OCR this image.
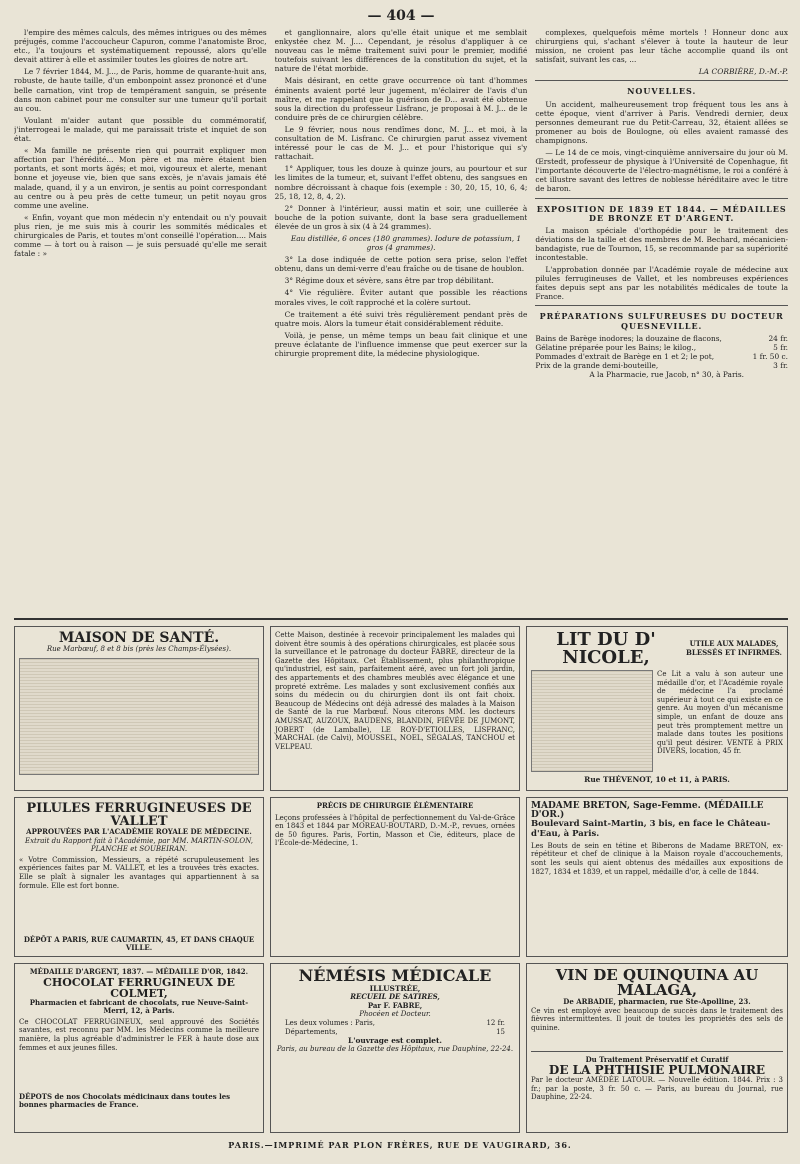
— 404 —

l'empire des mêmes calculs, des mêmes intrigues ou des mêmes préjugés, comme l'accoucheur Capuron, comme l'anatomiste Broc, etc., l'a toujours et systématiquement repoussé, alors qu'elle devait attirer à elle et assimiler toutes les gloires de notre art.

Le 7 février 1844, M. J..., de Paris, homme de quarante-huit ans, robuste, de haute taille, d'un embonpoint assez prononcé et d'une belle carnation, vint trop de tempérament sanguin, se présente dans mon cabinet pour me consulter sur une tumeur qu'il portait au cou.

Voulant m'aider autant que possible du commémoratif, j'interrogeai le malade, qui me paraissait triste et inquiet de son état.

« Ma famille ne présente rien qui pourrait expliquer mon affection par l'hérédité... Mon père et ma mère étaient bien portants, et sont morts âgés; et moi, vigoureux et alerte, menant bonne et joyeuse vie, bien que sans excès, je n'avais jamais été malade, quand, il y a un environ, je sentis au point correspondant au centre ou à peu près de cette tumeur, un petit noyau gros comme une aveline.

« Enfin, voyant que mon médecin n'y entendait ou n'y pouvait plus rien, je me suis mis à courir les sommités médicales et chirurgicales de Paris, et toutes m'ont conseillé l'opération.... Mais comme — à tort ou à raison — je suis persuadé qu'elle me serait fatale : »

et ganglionnaire, alors qu'elle était unique et me semblait enkystée chez M. J.... Cependant, je résolus d'appliquer à ce nouveau cas le même traitement suivi pour le premier, modifié toutefois suivant les différences de la constitution du sujet, et la nature de l'état morbide.

Mais désirant, en cette grave occurrence où tant d'hommes éminents avaient porté leur jugement, m'éclairer de l'avis d'un maître, et me rappelant que la guérison de D... avait été obtenue sous la direction du professeur Lisfranc, je proposai à M. J... de le conduire près de ce chirurgien célèbre.

Le 9 février, nous nous rendîmes donc, M. J... et moi, à la consultation de M. Lisfranc. Ce chirurgien parut assez vivement intéressé pour le cas de M. J... et pour l'historique qui s'y rattachait.

1° Appliquer, tous les douze à quinze jours, au pourtour et sur les limites de la tumeur, et, suivant l'effet obtenu, des sangsues en nombre décroissant à chaque fois (exemple : 30, 20, 15, 10, 6, 4; 25, 18, 12, 8, 4, 2).

2° Donner à l'intérieur, aussi matin et soir, une cuillerée à bouche de la potion suivante, dont la base sera graduellement élevée de un gros à six (4 à 24 grammes).

Eau distillée, 6 onces (180 grammes). Iodure de potassium, 1 gros (4 grammes).

3° La dose indiquée de cette potion sera prise, selon l'effet obtenu, dans un demi-verre d'eau fraîche ou de tisane de houblon.

3° Régime doux et sévère, sans être par trop débilitant.

4° Vie régulière. Éviter autant que possible les réactions morales vives, le coït rapproché et la colère surtout.

Ce traitement a été suivi très régulièrement pendant près de quatre mois. Alors la tumeur était considérablement réduite.

Voilà, je pense, un même temps un beau fait clinique et une preuve éclatante de l'influence immense que peut exercer sur la chirurgie proprement dite, la médecine physiologique.

complexes, quelquefois même mortels ! Honneur donc aux chirurgiens qui, s'achant s'élever à toute la hauteur de leur mission, ne croient pas leur tâche accomplie quand ils ont satisfait, suivant les cas, ...

LA CORBIÈRE, D.-M.-P.
NOUVELLES.

Un accident, malheureusement trop fréquent tous les ans à cette époque, vient d'arriver à Paris. Vendredi dernier, deux personnes demeurant rue du Petit-Carreau, 32, étaient allées se promener au bois de Boulogne, où elles avaient ramassé des champignons.

— Le 14 de ce mois, vingt-cinquième anniversaire du jour où M. Œrstedt, professeur de physique à l'Université de Copenhague, fit l'importante découverte de l'électro-magnétisme, le roi a conféré à cet illustre savant des lettres de noblesse héréditaire avec le titre de baron.

EXPOSITION DE 1839 ET 1844. — MÉDAILLES DE BRONZE ET D'ARGENT.

La maison spéciale d'orthopédie pour le traitement des déviations de la taille et des membres de M. Bechard, mécanicien-bandagiste, rue de Tournon, 15, se recommande par sa supériorité incontestable.

L'approbation donnée par l'Académie royale de médecine aux pilules ferrugineuses de Vallet, et les nombreuses expériences faites depuis sept ans par les notabilités médicales de toute la France.

PRÉPARATIONS SULFUREUSES DU DOCTEUR QUESNEVILLE.
Bains de Barège inodores; la douzaine de flacons,	24 fr.
Gélatine préparée pour les Bains; le kilog.,	5 fr.
Pommades d'extrait de Barège en 1 et 2; le pot,	1 fr. 50 c.
Prix de la grande demi-bouteille,	3 fr.

A la Pharmacie, rue Jacob, n° 30, à Paris.

MAISON DE SANTÉ.
Rue Marbœuf, 8 et 8 bis (près les Champs-Élysées).
Cette Maison, destinée à recevoir principalement les malades qui doivent être soumis à des opérations chirurgicales, est placée sous la surveillance et le patronage du docteur FABRE, directeur de la Gazette des Hôpitaux. Cet Établissement, plus philanthropique qu'industriel, est sain, parfaitement aéré, avec un fort joli jardin, des appartements et des chambres meublés avec élégance et une propreté extrême. Les malades y sont exclusivement confiés aux soins du médecin ou du chirurgien dont ils ont fait choix. Beaucoup de Médecins ont déjà adressé des malades à la Maison de Santé de la rue Marbœuf. Nous citerons MM. les docteurs AMUSSAT, AUZOUX, BAUDENS, BLANDIN, FIÉVÉE DE JUMONT, JOBERT (de Lamballe), LE ROY-D'ETIOLLES, LISFRANC, MARCHAL (de Calvi), MOUSSEL, NOEL, SÉGALAS, TANCHOU et VELPEAU.
LIT DU D' NICOLE,
UTILE AUX MALADES, BLESSÉS ET INFIRMES.
Ce Lit a valu à son auteur une médaille d'or, et l'Académie royale de médecine l'a proclamé supérieur à tout ce qui existe en ce genre. Au moyen d'un mécanisme simple, un enfant de douze ans peut très promptement mettre un malade dans toutes les positions qu'il peut désirer. VENTE à PRIX DIVERS, location, 45 fr.
Rue THÉVENOT, 10 et 11, à PARIS.
PILULES FERRUGINEUSES DE VALLET
APPROUVÉES PAR L'ACADÉMIE ROYALE DE MÉDECINE.
Extrait du Rapport fait à l'Académie, par MM. MARTIN-SOLON, PLANCHE et SOUBEIRAN.
« Votre Commission, Messieurs, a répété scrupuleusement les expériences faites par M. VALLET, et les a trouvées très exactes. Elle se plaît à signaler les avantages qui appartiennent à sa formule. Elle est fort bonne.
DÉPÔT A PARIS, RUE CAUMARTIN, 45, ET DANS CHAQUE VILLE.
PRÉCIS DE CHIRURGIE ÉLÉMENTAIRE
Leçons professées à l'hôpital de perfectionnement du Val-de-Grâce en 1843 et 1844 par MOREAU-BOUTARD, D.-M.-P., revues, ornées de 50 figures. Paris, Fortin, Masson et Cie, éditeurs, place de l'École-de-Médecine, 1.
MADAME BRETON, Sage-Femme. (MÉDAILLE D'OR.)
Boulevard Saint-Martin, 3 bis, en face le Château-d'Eau, à Paris.
Les Bouts de sein en tétine et Biberons de Madame BRETON, ex-répétiteur et chef de clinique à la Maison royale d'accouchements, sont les seuls qui aient obtenus des médailles aux expositions de 1827, 1834 et 1839, et un rappel, médaille d'or, à celle de 1844.
MÉDAILLE D'ARGENT, 1837. — MÉDAILLE D'OR, 1842.
CHOCOLAT FERRUGINEUX DE COLMET,
Pharmacien et fabricant de chocolats, rue Neuve-Saint-Merri, 12, à Paris.
Ce CHOCOLAT FERRUGINEUX, seul approuvé des Sociétés savantes, est reconnu par MM. les Médecins comme la meilleure manière, la plus agréable d'administrer le FER à haute dose aux femmes et aux jeunes filles.
DÉPOTS de nos Chocolats médicinaux dans toutes les bonnes pharmacies de France.
NÉMÉSIS MÉDICALE
ILLUSTRÉE,
RECUEIL DE SATIRES,
Par F. FABRE,
Phocéen et Docteur.
Les deux volumes : Paris,	12 fr.
Départements,	15
L'ouvrage est complet.
Paris, au bureau de la Gazette des Hôpitaux, rue Dauphine, 22-24.
VIN DE QUINQUINA AU MALAGA,
De ARBADIE, pharmacien, rue Ste-Apolline, 23.
Ce vin est employé avec beaucoup de succès dans le traitement des fièvres intermittentes. Il jouit de toutes les propriétés des sels de quinine.
Du Traitement Préservatif et Curatif
DE LA PHTHISIE PULMONAIRE
Par le docteur AMÉDÉE LATOUR. — Nouvelle édition. 1844. Prix : 3 fr.; par la poste, 3 fr. 50 c. — Paris, au bureau du Journal, rue Dauphine, 22-24.
PARIS.—IMPRIMÉ PAR PLON FRÈRES, RUE DE VAUGIRARD, 36.
